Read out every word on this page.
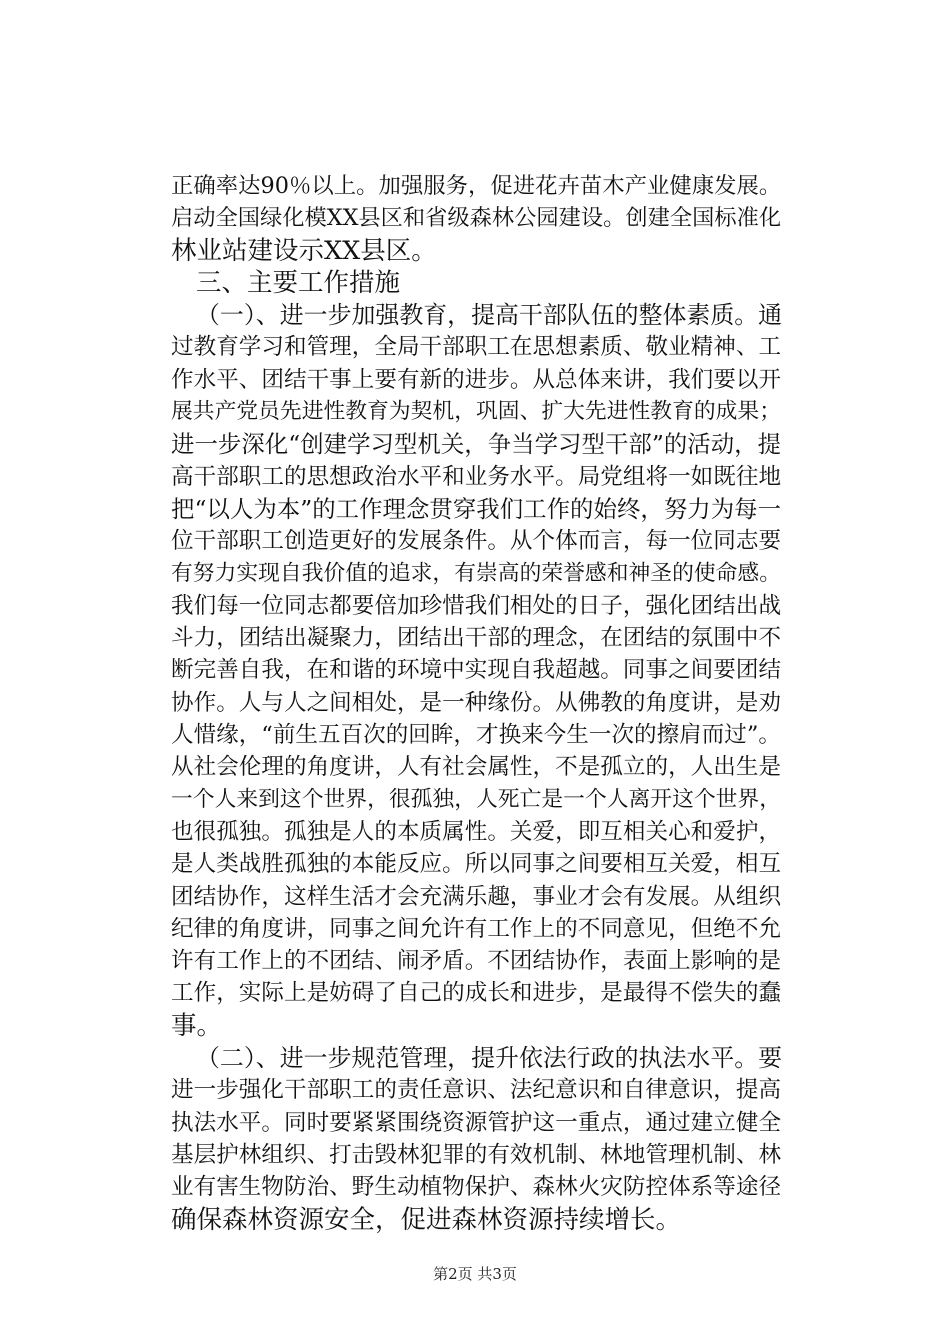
正确率达90％以上。加强服务，促进花卉苗木产业健康发展。
启动全国绿化模XX县区和省级森林公园建设。创建全国标准化
林业站建设示XX县区。
三、主要工作措施
（一）、进一步加强教育，提高干部队伍的整体素质。通
过教育学习和管理，全局干部职工在思想素质、敬业精神、工
作水平、团结干事上要有新的进步。从总体来讲，我们要以开
展共产党员先进性教育为契机，巩固、扩大先进性教育的成果；
进一步深化“创建学习型机关，争当学习型干部”的活动，提
高干部职工的思想政治水平和业务水平。局党组将一如既往地
把“以人为本”的工作理念贯穿我们工作的始终，努力为每一
位干部职工创造更好的发展条件。从个体而言，每一位同志要
有努力实现自我价值的追求，有崇高的荣誉感和神圣的使命感。
我们每一位同志都要倍加珍惜我们相处的日子，强化团结出战
斗力，团结出凝聚力，团结出干部的理念，在团结的氛围中不
断完善自我，在和谐的环境中实现自我超越。同事之间要团结
协作。人与人之间相处，是一种缘份。从佛教的角度讲，是劝
人惜缘，“前生五百次的回眸，才换来今生一次的擦肩而过”。
从社会伦理的角度讲，人有社会属性，不是孤立的，人出生是
一个人来到这个世界，很孤独，人死亡是一个人离开这个世界，
也很孤独。孤独是人的本质属性。关爱，即互相关心和爱护，
是人类战胜孤独的本能反应。所以同事之间要相互关爱，相互
团结协作，这样生活才会充满乐趣，事业才会有发展。从组织
纪律的角度讲，同事之间允许有工作上的不同意见，但绝不允
许有工作上的不团结、闹矛盾。不团结协作，表面上影响的是
工作，实际上是妨碍了自己的成长和进步，是最得不偿失的蠢
事。
（二）、进一步规范管理，提升依法行政的执法水平。要
进一步强化干部职工的责任意识、法纪意识和自律意识，提高
执法水平。同时要紧紧围绕资源管护这一重点，通过建立健全
基层护林组织、打击毁林犯罪的有效机制、林地管理机制、林
业有害生物防治、野生动植物保护、森林火灾防控体系等途径
确保森林资源安全，促进森林资源持续增长。
第2页 共3页
